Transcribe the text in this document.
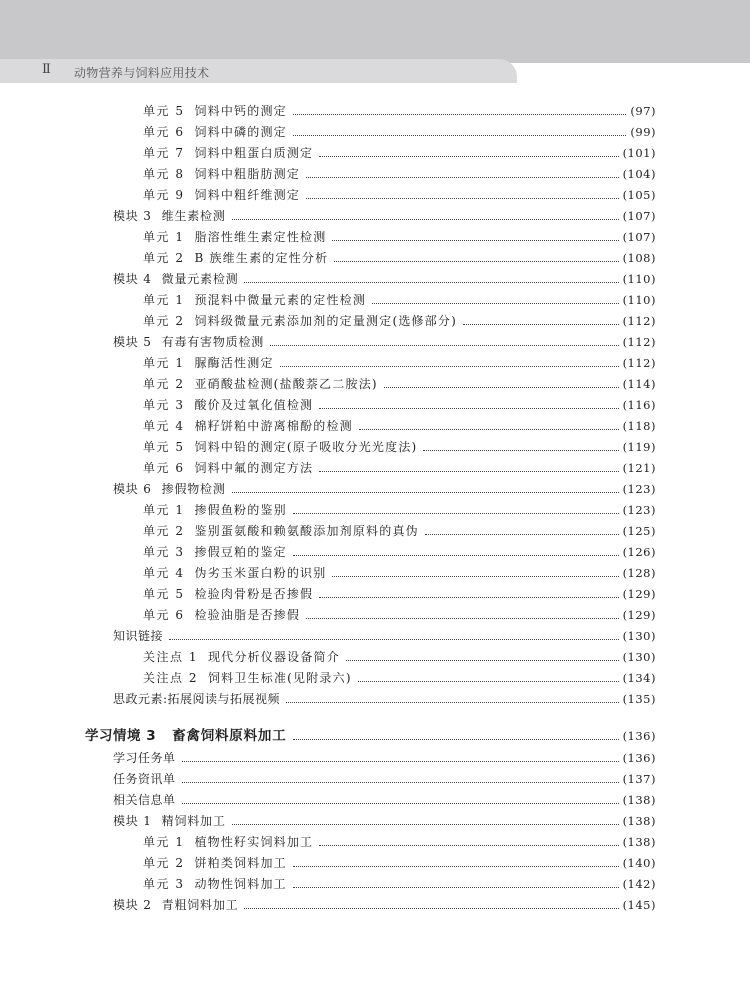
Ⅱ 动物营养与饲料应用技术
单元 5 饲料中钙的测定	(97)
单元 6 饲料中磷的测定	(99)
单元 7 饲料中粗蛋白质测定	(101)
单元 8 饲料中粗脂肪测定	(104)
单元 9 饲料中粗纤维测定	(105)
模块 3 维生素检测	(107)
单元 1 脂溶性维生素定性检测	(107)
单元 2 B 族维生素的定性分析	(108)
模块 4 微量元素检测	(110)
单元 1 预混料中微量元素的定性检测	(110)
单元 2 饲料级微量元素添加剂的定量测定(选修部分)	(112)
模块 5 有毒有害物质检测	(112)
单元 1 脲酶活性测定	(112)
单元 2 亚硝酸盐检测(盐酸萘乙二胺法)	(114)
单元 3 酸价及过氧化值检测	(116)
单元 4 棉籽饼粕中游离棉酚的检测	(118)
单元 5 饲料中铅的测定(原子吸收分光光度法)	(119)
单元 6 饲料中氟的测定方法	(121)
模块 6 掺假物检测	(123)
单元 1 掺假鱼粉的鉴别	(123)
单元 2 鉴别蛋氨酸和赖氨酸添加剂原料的真伪	(125)
单元 3 掺假豆粕的鉴定	(126)
单元 4 伪劣玉米蛋白粉的识别	(128)
单元 5 检验肉骨粉是否掺假	(129)
单元 6 检验油脂是否掺假	(129)
知识链接	(130)
关注点 1 现代分析仪器设备简介	(130)
关注点 2 饲料卫生标准(见附录六)	(134)
思政元素:拓展阅读与拓展视频	(135)
学习情境 3 畜禽饲料原料加工	(136)
学习任务单	(136)
任务资讯单	(137)
相关信息单	(138)
模块 1 精饲料加工	(138)
单元 1 植物性籽实饲料加工	(138)
单元 2 饼粕类饲料加工	(140)
单元 3 动物性饲料加工	(142)
模块 2 青粗饲料加工	(145)
